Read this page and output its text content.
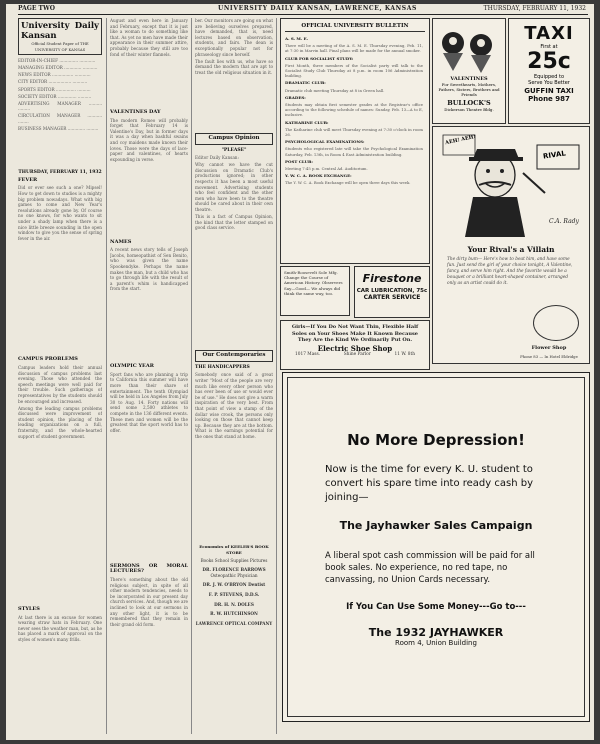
PAGE TWO	UNIVERSITY DAILY KANSAN, LAWRENCE, KANSAS	THURSDAY, FEBRUARY 11, 1932
University Daily Kansan
Official Student Paper of THE UNIVERSITY OF KANSAS

EDITOR-IN-CHIEF .............. ............

MANAGING EDITOR ............. ...........

NEWS EDITOR ................ ............

CITY EDITOR ................. ...........

SPORTS EDITOR ............... ..........

SOCIETY EDITOR .............. ..........

ADVERTISING MANAGER .......... .........

CIRCULATION MANAGER ........... ........

BUSINESS MANAGER ............. .........

THURSDAY, FEBRUARY 11, 1932
FEVER

Did or ever see such a one? Mipsel! How to get down to studies is a mighty big problem nowadays. What with big games to come and New Year's resolutions already gone by. Of course no one knows, for who wants to sit under a shady lamp when there is a nice little breeze sounding in the open window to give you the sense of spring fever in the air.

CAMPUS PROBLEMS

Campus leaders hold their annual discussion of campus problems last evening. Those who attended the speech meetings were well paid for their trouble. Such gatherings of representatives by the students should be encouraged and increased.

Among the leading campus problems discussed were improvement of student opinion, the placing of the leading organizations on a full, fraternity, and the whole-hearted support of student government.

STYLES

At last there is an excuse for women wearing straw hats in February. One never sees the weather man, but, as he has placed a mark of approval on the styles of women's many frills.

August and even here in January and February, except that it is just like a woman to do something like that. As yet no men have made their appearance in their summer attire, probably because they still are too fond of their winter flannels.

VALENTINES DAY

The modern Romeo will probably forget that February 14 is Valentine's Day, but in former days it was a day when bashful swains and coy maidens made known their loves. Those were the days of lace-paper and valentines, of hearts expounding in verse.

NAMES

A recent news story tells of Joseph Jacobs, homeopathist of Sen Benito, who was given the name Spookendyke. Perhaps the name makes the man, but a child who has to go through life with the result of a parent's whim is handicapped from the start.

OLYMPIC YEAR

Sport fans who are planning a trip to California this summer will have more than their share of entertainment. The tenth Olympiad will be held in Los Angeles from July 30 to Aug. 14. Forty nations will send some 2,500 athletes to compete in the 136 different events. These men and women will be the greatest that the sport world has to offer.

SERMONS OR MORAL LECTURES?

There's something about the old religious subject, in spite of all other modern tendencies, needs to be incorporated in our present day church services. And, though we are inclined to look at our sermons in any other light, it is to be remembered that they remain in their grand old form.

ber. Our monitors are going on what are believing ourselves prepared, have demanded, that is, need lectures based on observation, students, and fairs. The dean is exceptionally popular not for phraseology since herself.

The fault lies with us, who have so demand the modern that are apt to treat the old religious situation in it.

Campus Opinion
"PLEASE"

Editor Daily Kansan:

Why cannot we have the cut discussion on Dramatic Club's productions ignored; in other respects it has been a most useful movement. Advertising students who feel confident and the other men who have been to the theatre should be cared about in their own theatre.

This is a fact of Campus Opinion, the kind that the letter stamped on good class service.

Our Contemporaries
THE HANDICAPPERS

Somebody once said of a great writer "Most of the people are very much like every other person who has ever been of use or would ever be of use." He does not give a warm inspiration of the very best. From that point of view a stamp of the dollar wise crook, the persons only looking on those that cannot keep up. Because they are at the bottom. What is the earnings potential for the ones that stand at home.

Economics of KEELER'S BOOK STORE
Books School Supplies Pictures
DR. FLORENCE BARROWS
Osteopathic Physician
DR. J. W. O'BRYON Dentist
F. P. STEVENS, D.D.S.
DR. H. N. DOLES
R. W. HUTCHINSON
LAWRENCE OPTICAL COMPANY
OFFICIAL UNIVERSITY BULLETIN
A. S. M. E.

There will be a meeting of the A. S. M. E. Thursday evening, Feb. 11, at 7:30 in Marvin hall. Final plans will be made for the annual smoker.

CLUB FOR SOCIALIST STUDY:

First Month, three members of the Socialist party will talk to the Socialist Study Club Thursday at 8 p.m. in room 106 Administration building.

DRAMATIC CLUB:

Dramatic club meeting Thursday at 8 in Green hall.

GRADES:

Students may obtain first semester grades at the Registrar's office according to the following schedule of names: Sunday, Feb. 13—A to E, inclusive.

KATHARINE CLUB:

The Katharine club will meet Thursday evening at 7:30 o'clock in room 26.

PSYCHOLOGICAL EXAMINATIONS:

Students who registered late will take the Psychological Examination Saturday, Feb. 13th, in Room 4 East Administration building.

POST CLUB:

Meeting 7:45 p.m. Central Ad. Auditorium.

Y. W. C. A. BOOK EXCHANGE:

The Y. W. C. A. Book Exchange will be open three days this week.

TAXI
First at
25c
Equipped to
Serve You Better
GUFFIN TAXI
Phone 987
VALENTINES
For Sweethearts, Mothers, Fathers, Sisters, Brothers and Friends
BULLOCK'S
Dickerson Theatre Bldg.
C.A. Rady
AEH! AEH!
RIVAL
Your Rival's a Villain
The dirty bum— Here's how to beat him, and have some fun. Just send the girl of your choice tonight, A Valentine, fancy, and serve him right. And the favorite would be a bouquet or a brilliant heart-shaped container, arranged only as an artist could do it.
Flower Shop
Phone 83 — In Hotel Eldridge
Smith-Roosevelt Sole Mfg. Change the Course of American History. Observers Say—Good— We always did think the same way, too.
Firestone
CAR LUBRICATION, 75c
CARTER SERVICE
Girls—If You Do Not Want Thin, Flexible Half Soles on Your Shoes Make It Known Because They Are the Kind We Ordinarily Put On.
Electric Shoe Shop
1017 Mass.	Shine Parlor	11 W. 8th
No More Depression!
Now is the time for every K. U. student to convert his spare time into ready cash by joining—
The Jayhawker Sales Campaign
A liberal spot cash commission will be paid for all book sales. No experience, no red tape, no canvassing, no Union Cards necessary.
If You Can Use Some Money---Go to---
The 1932 JAYHAWKER
Room 4, Union Building
